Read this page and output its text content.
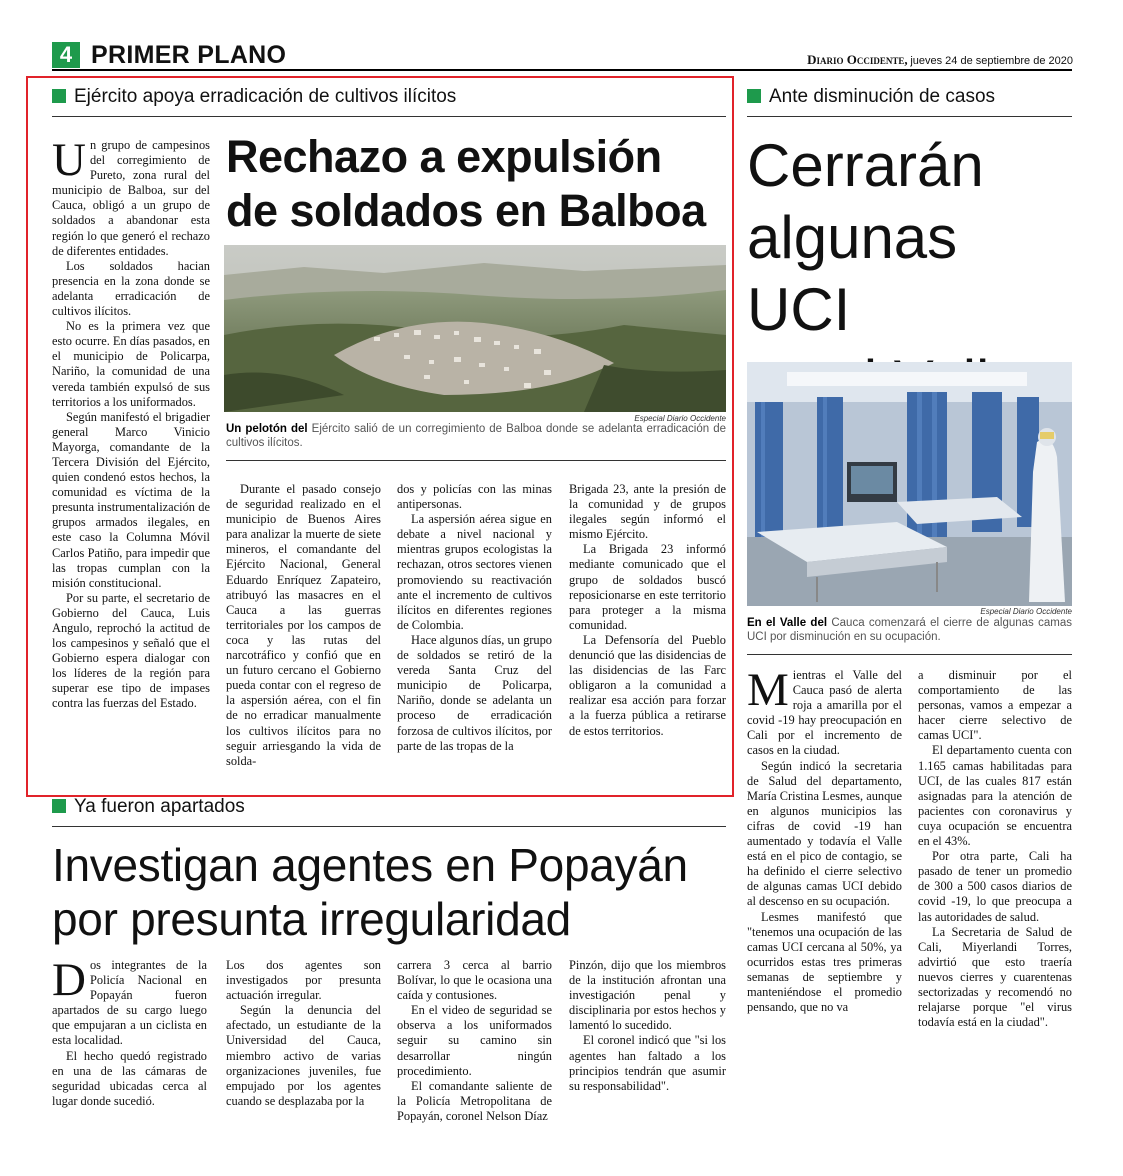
4 PRIMER PLANO	Diario Occidente, jueves 24 de septiembre de 2020
Ejército apoya erradicación de cultivos ilícitos

Un grupo de campesinos del corregimiento de Pureto, zona rural del municipio de Balboa, sur del Cauca, obligó a un grupo de soldados a abandonar esta región lo que generó el rechazo de diferentes entidades.

Los soldados hacian presencia en la zona donde se adelanta erradicación de cultivos ilícitos.

No es la primera vez que esto ocurre. En días pasados, en el municipio de Policarpa, Nariño, la comunidad de una vereda también expulsó de sus territorios a los uniformados.

Según manifestó el brigadier general Marco Vinicio Mayorga, comandante de la Tercera División del Ejército, quien condenó estos hechos, la comunidad es víctima de la presunta instrumentalización de grupos armados ilegales, en este caso la Columna Móvil Carlos Patiño, para impedir que las tropas cumplan con la misión constitucional.

Por su parte, el secretario de Gobierno del Cauca, Luis Angulo, reprochó la actitud de los campesinos y señaló que el Gobierno espera dialogar con los líderes de la región para superar ese tipo de impases contra las fuerzas del Estado.

Rechazo a expulsión
de soldados en Balboa
Especial Diario Occidente
Un pelotón del Ejército salió de un corregimiento de Balboa donde se adelanta erradicación de cultivos ilícitos.

Durante el pasado consejo de seguridad realizado en el municipio de Buenos Aires para analizar la muerte de siete mineros, el comandante del Ejército Nacional, General Eduardo Enríquez Zapateiro, atribuyó las masacres en el Cauca a las guerras territoriales por los campos de coca y las rutas del narcotráfico y confió que en un futuro cercano el Gobierno pueda contar con el regreso de la aspersión aérea, con el fin de no erradicar manualmente los cultivos ilícitos para no seguir arriesgando la vida de solda-

dos y policías con las minas antipersonas.

La aspersión aérea sigue en debate a nivel nacional y mientras grupos ecologistas la rechazan, otros sectores vienen promoviendo su reactivación ante el incremento de cultivos ilícitos en diferentes regiones de Colombia.

Hace algunos días, un grupo de soldados se retiró de la vereda Santa Cruz del municipio de Policarpa, Nariño, donde se adelanta un proceso de erradicación forzosa de cultivos ilícitos, por parte de las tropas de la

Brigada 23, ante la presión de la comunidad y de grupos ilegales según informó el mismo Ejército.

La Brigada 23 informó mediante comunicado que el grupo de soldados buscó reposicionarse en este territorio para proteger a la misma comunidad.

La Defensoría del Pueblo denunció que las disidencias de las disidencias de las Farc obligaron a la comunidad a realizar esa acción para forzar a la fuerza pública a retirarse de estos territorios.

Ante disminución de casos
Cerrarán
algunas UCI
Especial Diario Occidente
En el Valle del Cauca comenzará el cierre de algunas camas UCI por disminución en su ocupación.

Mientras el Valle del Cauca pasó de alerta roja a amarilla por el covid -19 hay preocupación en Cali por el incremento de casos en la ciudad.

Según indicó la secretaria de Salud del departamento, María Cristina Lesmes, aunque en algunos municipios las cifras de covid -19 han aumentado y todavía el Valle está en el pico de contagio, se ha definido el cierre selectivo de algunas camas UCI debido al descenso en su ocupación.

Lesmes manifestó que "tenemos una ocupación de las camas UCI cercana al 50%, ya ocurridos estas tres primeras semanas de septiembre y manteniéndose el promedio pensando, que no va

a disminuir por el comportamiento de las personas, vamos a empezar a hacer cierre selectivo de camas UCI".

El departamento cuenta con 1.165 camas habilitadas para UCI, de las cuales 817 están asignadas para la atención de pacientes con coronavirus y cuya ocupación se encuentra en el 43%.

Por otra parte, Cali ha pasado de tener un promedio de 300 a 500 casos diarios de covid -19, lo que preocupa a las autoridades de salud.

La Secretaria de Salud de Cali, Miyerlandi Torres, advirtió que esto traería nuevos cierres y cuarentenas sectorizadas y recomendó no relajarse porque "el virus todavía está en la ciudad".

Ya fueron apartados
Investigan agentes en Popayán
por presunta irregularidad

Dos integrantes de la Policía Nacional en Popayán fueron apartados de su cargo luego que empujaran a un ciclista en esta localidad.

El hecho quedó registrado en una de las cámaras de seguridad ubicadas cerca al lugar donde sucedió.

Los dos agentes son investigados por presunta actuación irregular.

Según la denuncia del afectado, un estudiante de la Universidad del Cauca, miembro activo de varias organizaciones juveniles, fue empujado por los agentes cuando se desplazaba por la

carrera 3 cerca al barrio Bolívar, lo que le ocasiona una caída y contusiones.

En el video de seguridad se observa a los uniformados seguir su camino sin desarrollar ningún procedimiento.

El comandante saliente de la Policía Metropolitana de Popayán, coronel Nelson Díaz

Pinzón, dijo que los miembros de la institución afrontan una investigación penal y disciplinaria por estos hechos y lamentó lo sucedido.

El coronel indicó que "si los agentes han faltado a los principios tendrán que asumir su responsabilidad".
